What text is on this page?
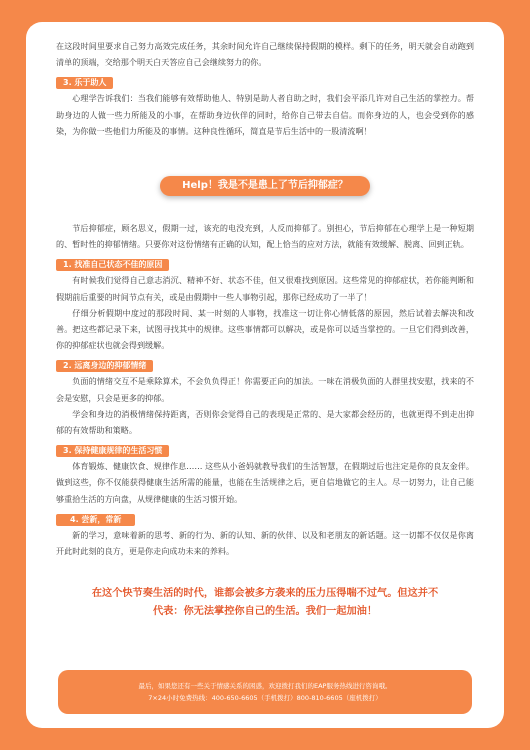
在这段时间里要求自己努力高效完成任务，其余时间允许自己继续保持假期的模样。剩下的任务，明天就会自动跑到清单的顶端，交给那个明天白天答应自己会继续努力的你。

3. 乐于助人

心理学告诉我们：当我们能够有效帮助他人、特别是助人者自助之时，我们会平添几许对自己生活的掌控力。帮助身边的人做一些力所能及的小事，在帮助身边伙伴的同时，给你自己带去自信。而你身边的人，也会受到你的感染，为你做一些他们力所能及的事情。这种良性循环，简直是节后生活中的一股清流啊！

Help！我是不是患上了节后抑郁症？

节后抑郁症，顾名思义，假期一过，该充的电没充到，人反而抑郁了。别担心，节后抑郁在心理学上是一种短期的、暂时性的抑郁情绪。只要你对这份情绪有正确的认知，配上恰当的应对方法，就能有效缓解、脱离、回到正轨。

1. 找准自己状态不佳的原因

有时候我们觉得自己意志消沉、精神不好、状态不佳，但又很难找到原因。这些常见的抑郁症状，若你能判断和假期前后重要的时间节点有关，或是由假期中一些人事物引起，那你已经成功了一半了！

仔细分析假期中度过的那段时间、某一时刻的人事物，找准这一切让你心情低落的原因，然后试着去解决和改善。把这些都记录下来，试图寻找其中的规律。这些事情都可以解决，或是你可以适当掌控的。一旦它们得到改善，你的抑郁症状也就会得到缓解。

2. 远离身边的抑郁情绪

负面的情绪交互不是乘除算术，不会负负得正！你需要正向的加法。一味在消极负面的人群里找安慰，找来的不会是安慰，只会是更多的抑郁。

学会和身边的消极情绪保持距离，否则你会觉得自己的表现是正常的、是大家都会经历的，也就更得不到走出抑郁的有效帮助和策略。

3. 保持健康规律的生活习惯

体育锻炼、健康饮食、规律作息…… 这些从小爸妈就教导我们的生活智慧，在假期过后也注定是你的良友金伴。做到这些，你不仅能获得健康生活所需的能量，也能在生活规律之后，更自信地做它的主人。尽一切努力，让自己能够重拾生活的方向盘，从规律健康的生活习惯开始。

4. 尝新，常新

新的学习，意味着新的思考、新的行为、新的认知、新的伙伴、以及和老朋友的新话题。这一切都不仅仅是你离开此时此刻的良方，更是你走向成功未来的养料。

在这个快节奏生活的时代，谁都会被多方袭来的压力压得喘不过气。但这并不
代表：你无法掌控你自己的生活。我们一起加油！
最后，如果您还有一些关于情感关系的困惑，欢迎拨打我们的EAP服务热线进行咨询哦。
7×24小时免费热线：400-650-6605（手机拨打）800-810-6605（座机拨打）
